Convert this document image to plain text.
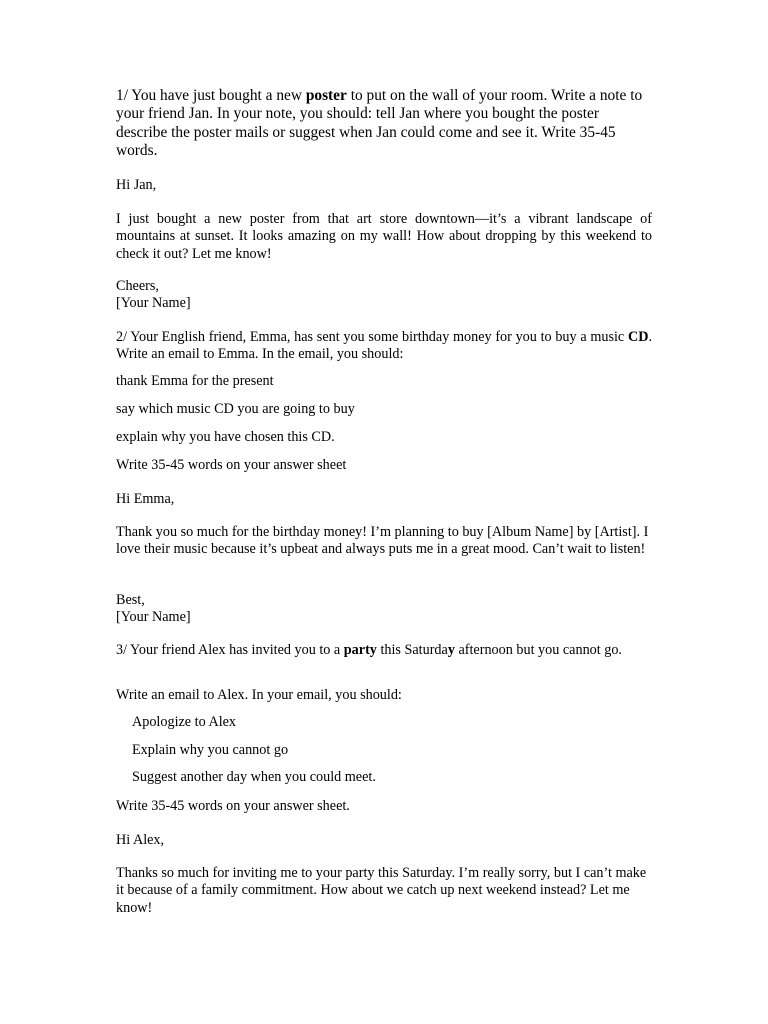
1/ You have just bought a new poster to put on the wall of your room. Write a note to your friend Jan. In your note, you should: tell Jan where you bought the poster describe the poster mails or suggest when Jan could come and see it. Write 35-45 words.

Hi Jan,

I just bought a new poster from that art store downtown—it’s a vibrant landscape of mountains at sunset. It looks amazing on my wall! How about dropping by this weekend to check it out? Let me know!

Cheers,

[Your Name]

2/ Your English friend, Emma, has sent you some birthday money for you to buy a music CD. Write an email to Emma. In the email, you should:

thank Emma for the present

say which music CD you are going to buy

explain why you have chosen this CD.

Write 35-45 words on your answer sheet

Hi Emma,

Thank you so much for the birthday money! I’m planning to buy [Album Name] by [Artist]. I love their music because it’s upbeat and always puts me in a great mood. Can’t wait to listen!

Best,

[Your Name]

3/ Your friend Alex has invited you to a party this Saturday afternoon but you cannot go.

Write an email to Alex. In your email, you should:

Apologize to Alex

Explain why you cannot go

Suggest another day when you could meet.

Write 35-45 words on your answer sheet.

Hi Alex,

Thanks so much for inviting me to your party this Saturday. I’m really sorry, but I can’t make it because of a family commitment. How about we catch up next weekend instead? Let me know!
